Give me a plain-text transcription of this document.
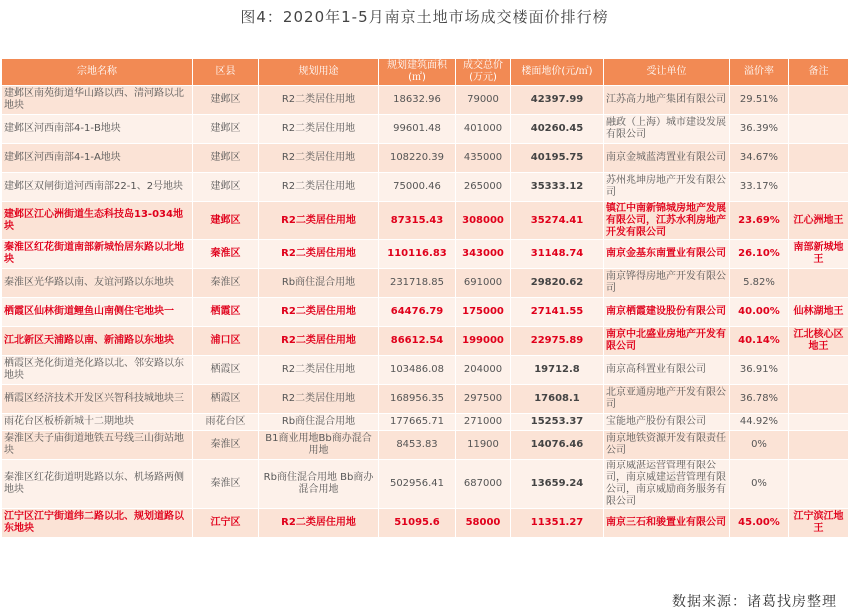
图4：2020年1-5月南京土地市场成交楼面价排行榜
宗地名称	区县	规划用途	规划建筑面积(㎡)	成交总价(万元)	楼面地价(元/㎡)	受让单位	溢价率	备注
建邺区南苑街道华山路以西、清河路以北地块	建邺区	R2二类居住用地	18632.96	79000	42397.99	江苏高力地产集团有限公司	29.51%	
建邺区河西南部4-1-B地块	建邺区	R2二类居住用地	99601.48	401000	40260.45	融政（上海）城市建设发展有限公司	36.39%	
建邺区河西南部4-1-A地块	建邺区	R2二类居住用地	108220.39	435000	40195.75	南京金城蓝湾置业有限公司	34.67%	
建邺区双闸街道河西南部22-1、2号地块	建邺区	R2二类居住用地	75000.46	265000	35333.12	苏州兆坤房地产开发有限公司	33.17%	
建邺区江心洲街道生态科技岛13-034地块	建邺区	R2二类居住用地	87315.43	308000	35274.41	镇江中南新锦城房地产发展有限公司，江苏水利房地产开发有限公司	23.69%	江心洲地王
秦淮区红花街道南部新城怡居东路以北地块	秦淮区	R2二类居住用地	110116.83	343000	31148.74	南京金基东南置业有限公司	26.10%	南部新城地王
秦淮区光华路以南、友谊河路以东地块	秦淮区	Rb商住混合用地	231718.85	691000	29820.62	南京铧得房地产开发有限公司	5.82%	
栖霞区仙林街道鲤鱼山南侧住宅地块一	栖霞区	R2二类居住用地	64476.79	175000	27141.55	南京栖霞建设股份有限公司	40.00%	仙林湖地王
江北新区天浦路以南、新浦路以东地块	浦口区	R2二类居住用地	86612.54	199000	22975.89	南京中北盛业房地产开发有限公司	40.14%	江北核心区地王
栖霞区尧化街道尧化路以北、邻安路以东地块	栖霞区	R2二类居住用地	103486.08	204000	19712.8	南京高科置业有限公司	36.91%	
栖霞区经济技术开发区兴智科技城地块三	栖霞区	R2二类居住用地	168956.35	297500	17608.1	北京亚通房地产开发有限公司	36.78%	
雨花台区板桥新城十二期地块	雨花台区	Rb商住混合用地	177665.71	271000	15253.37	宝能地产股份有限公司	44.92%	
秦淮区夫子庙街道地铁五号线三山街站地块	秦淮区	B1商业用地Bb商办混合用地	8453.83	11900	14076.46	南京地铁资源开发有限责任公司	0%	
秦淮区红花街道明匙路以东、机场路两侧地块	秦淮区	Rb商住混合用地 Bb商办混合用地	502956.41	687000	13659.24	南京威湛运营管理有限公司，南京威建运营管理有限公司，南京威励商务服务有限公司	0%	
江宁区江宁街道纬二路以北、规划道路以东地块	江宁区	R2二类居住用地	51095.6	58000	11351.27	南京三石和骏置业有限公司	45.00%	江宁滨江地王
数据来源：诸葛找房整理
